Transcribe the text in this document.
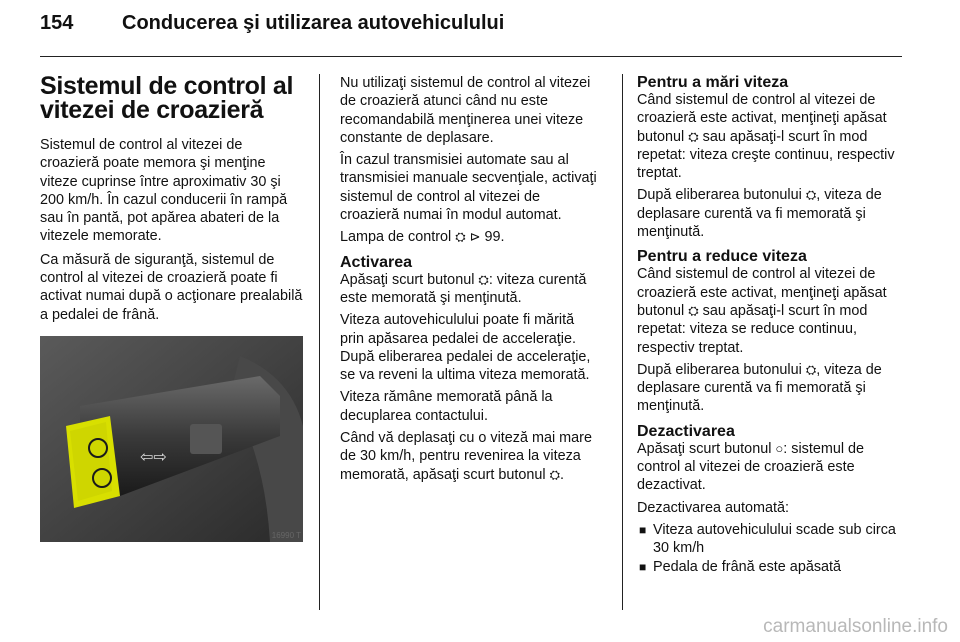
154 Conducerea şi utilizarea autovehiculului
Sistemul de control al vitezei de croazieră

Sistemul de control al vitezei de croazieră poate memora şi menţine viteze cuprinse între aproximativ 30 şi 200 km/h. În cazul conducerii în rampă sau în pantă, pot apărea abateri de la vitezele memorate.

Ca măsură de siguranţă, sistemul de control al vitezei de croazieră poate fi activat numai după o acţionare prealabilă a pedalei de frână.

⇦⇨
16990 T

Nu utilizaţi sistemul de control al vitezei de croazieră atunci când nu este recomandabilă menţinerea unei viteze constante de deplasare.

În cazul transmisiei automate sau al transmisiei manuale secvenţiale, activaţi sistemul de control al vitezei de croazieră numai în modul automat.

Lampa de control ⛭ ⊳ 99.

Activarea

Apăsaţi scurt butonul ⛭: viteza curentă este memorată şi menţinută.

Viteza autovehiculului poate fi mărită prin apăsarea pedalei de acceleraţie. După eliberarea pedalei de acceleraţie, se va reveni la ultima viteza memorată.

Viteza rămâne memorată până la decuplarea contactului.

Când vă deplasaţi cu o viteză mai mare de 30 km/h, pentru revenirea la viteza memorată, apăsaţi scurt butonul ⛭.

Pentru a mări viteza

Când sistemul de control al vitezei de croazieră este activat, menţineţi apăsat butonul ⛭ sau apăsaţi-l scurt în mod repetat: viteza creşte continuu, respectiv treptat.

După eliberarea butonului ⛭, viteza de deplasare curentă va fi memorată şi menţinută.

Pentru a reduce viteza

Când sistemul de control al vitezei de croazieră este activat, menţineţi apăsat butonul ⛭ sau apăsaţi-l scurt în mod repetat: viteza se reduce continuu, respectiv treptat.

După eliberarea butonului ⛭, viteza de deplasare curentă va fi memorată şi menţinută.

Dezactivarea

Apăsaţi scurt butonul ○: sistemul de control al vitezei de croazieră este dezactivat.

Dezactivarea automată:

■ Viteza autovehiculului scade sub circa 30 km/h
■ Pedala de frână este apăsată
carmanualsonline.info
